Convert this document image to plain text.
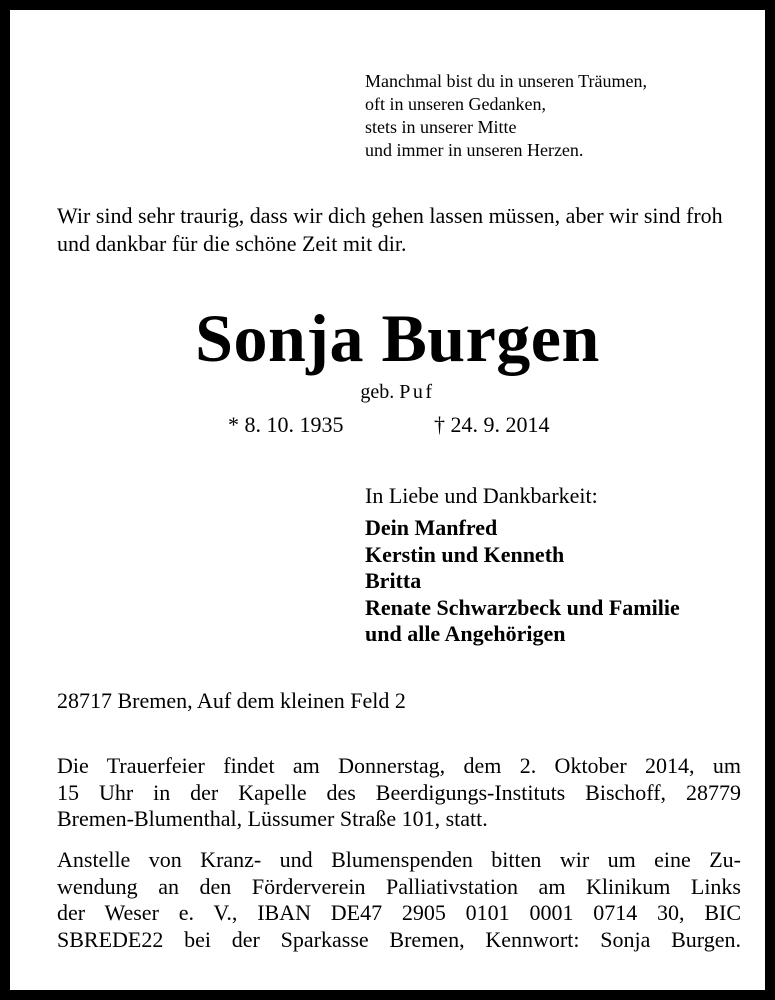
Manchmal bist du in unseren Träumen,
oft in unseren Gedanken,
stets in unserer Mitte
und immer in unseren Herzen.
Wir sind sehr traurig, dass wir dich gehen lassen müssen, aber wir sind froh und dankbar für die schöne Zeit mit dir.
Sonja Burgen
geb. Puf
* 8. 10. 1935	† 24. 9. 2014
In Liebe und Dankbarkeit:
Dein Manfred
Kerstin und Kenneth
Britta
Renate Schwarzbeck und Familie
und alle Angehörigen
28717 Bremen, Auf dem kleinen Feld 2
Die Trauerfeier findet am Donnerstag, dem 2. Oktober 2014, um
15 Uhr in der Kapelle des Beerdigungs-Instituts Bischoff, 28779
Bremen-Blumenthal, Lüssumer Straße 101, statt.
Anstelle von Kranz- und Blumenspenden bitten wir um eine Zu-
wendung an den Förderverein Palliativstation am Klinikum Links
der Weser e. V., IBAN DE47 2905 0101 0001 0714 30, BIC
SBREDE22 bei der Sparkasse Bremen, Kennwort: Sonja Burgen.
